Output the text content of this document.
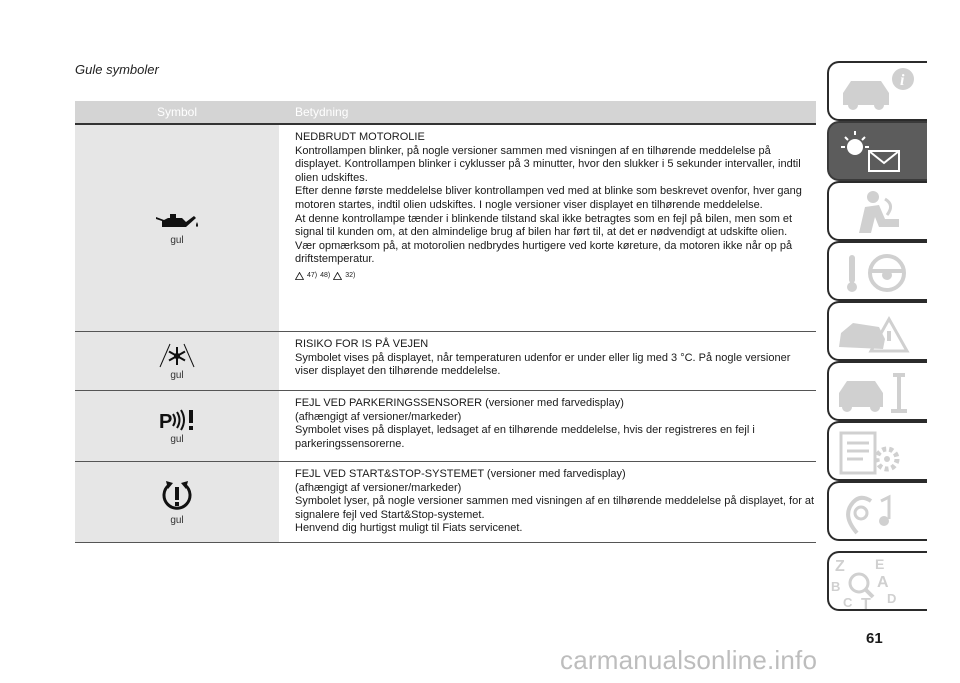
Gule symboler
Symbol	Betydning
gul

NEDBRUDT MOTOROLIE

Kontrollampen blinker, på nogle versioner sammen med visningen af en tilhørende meddelelse på displayet. Kontrollampen blinker i cyklusser på 3 minutter, hvor den slukker i 5 sekunder intervaller, indtil olien udskiftes.

Efter denne første meddelelse bliver kontrollampen ved med at blinke som beskrevet ovenfor, hver gang motoren startes, indtil olien udskiftes. I nogle versioner viser displayet en tilhørende meddelelse.

At denne kontrollampe tænder i blinkende tilstand skal ikke betragtes som en fejl på bilen, men som et signal til kunden om, at den almindelige brug af bilen har ført til, at det er nødvendigt at udskifte olien.

Vær opmærksom på, at motorolien nedbrydes hurtigere ved korte køreture, da motoren ikke når op på driftstemperatur.

47) 48) 32)
gul

RISIKO FOR IS PÅ VEJEN

Symbolet vises på displayet, når temperaturen udenfor er under eller lig med 3 °C. På nogle versioner viser displayet den tilhørende meddelelse.

P
gul

FEJL VED PARKERINGSSENSORER (versioner med farvedisplay)

(afhængigt af versioner/markeder)

Symbolet vises på displayet, ledsaget af en tilhørende meddelelse, hvis der registreres en fejl i parkeringssensorerne.

gul

FEJL VED START&STOP-SYSTEMET (versioner med farvedisplay)

(afhængigt af versioner/markeder)

Symbolet lyser, på nogle versioner sammen med visningen af en tilhørende meddelelse på displayet, for at signalere fejl ved Start&Stop-systemet.

Henvend dig hurtigst muligt til Fiats servicenet.

i
Z E
B A
C T D
61
carmanualsonline.info
